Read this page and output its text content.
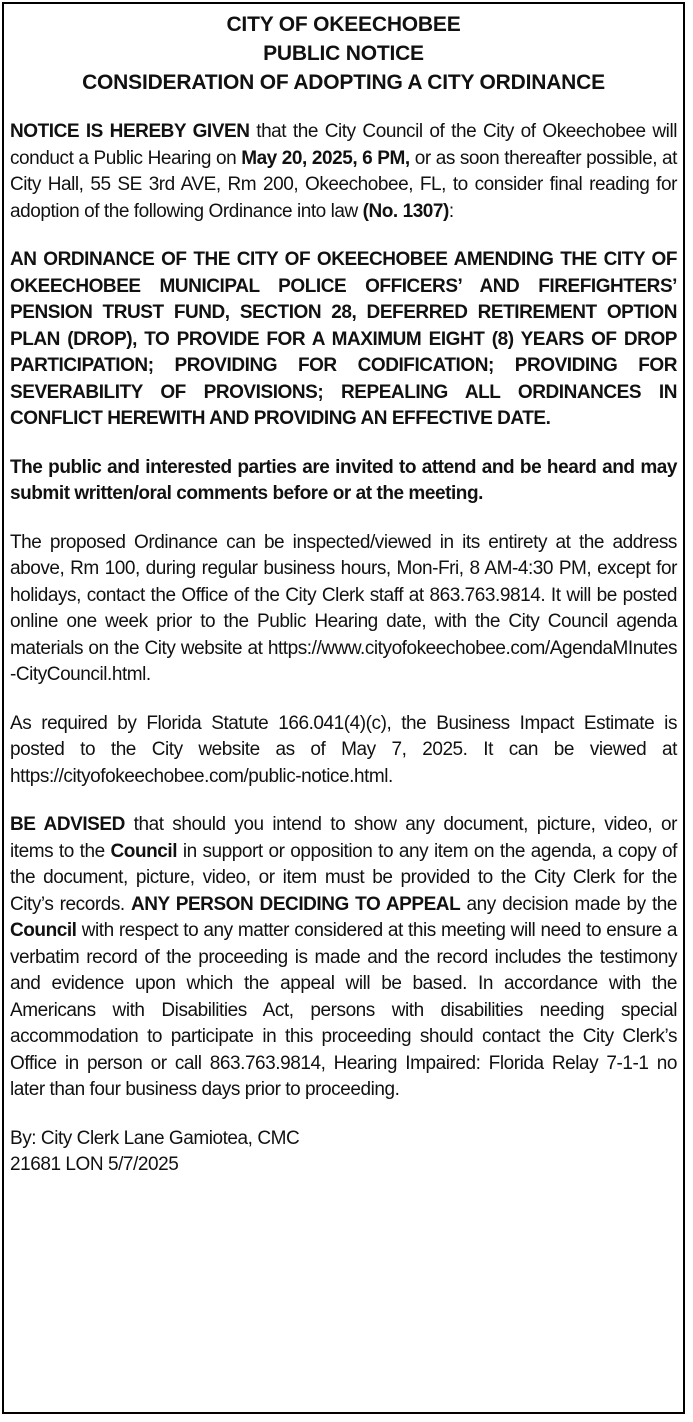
CITY OF OKEECHOBEE
PUBLIC NOTICE
CONSIDERATION OF ADOPTING A CITY ORDINANCE

NOTICE IS HEREBY GIVEN that the City Council of the City of Okeechobee will conduct a Public Hearing on May 20, 2025, 6 PM, or as soon thereafter possible, at City Hall, 55 SE 3rd AVE, Rm 200, Okeechobee, FL, to consider final reading for adoption of the following Ordinance into law (No. 1307):

AN ORDINANCE OF THE CITY OF OKEECHOBEE AMENDING THE CITY OF OKEECHOBEE MUNICIPAL POLICE OFFICERS’ AND FIREFIGHTERS’ PENSION TRUST FUND, SECTION 28, DEFERRED RETIREMENT OPTION PLAN (DROP), TO PROVIDE FOR A MAXIMUM EIGHT (8) YEARS OF DROP PARTICIPATION; PROVIDING FOR CODIFICATION; PROVIDING FOR SEVERABILITY OF PROVISIONS; REPEALING ALL ORDINANCES IN CONFLICT HEREWITH AND PROVIDING AN EFFECTIVE DATE.

The public and interested parties are invited to attend and be heard and may submit written/oral comments before or at the meeting.

The proposed Ordinance can be inspected/viewed in its entirety at the address above, Rm 100, during regular business hours, Mon-Fri, 8 AM-4:30 PM, except for holidays, contact the Office of the City Clerk staff at 863.763.9814. It will be posted online one week prior to the Public Hearing date, with the City Council agenda materials on the City website at https://www.cityofokeechobee.com/AgendaMInutes-CityCouncil.html.

As required by Florida Statute 166.041(4)(c), the Business Impact Estimate is posted to the City website as of May 7, 2025. It can be viewed at https://cityofokeechobee.com/public-notice.html.

BE ADVISED that should you intend to show any document, picture, video, or items to the Council in support or opposition to any item on the agenda, a copy of the document, picture, video, or item must be provided to the City Clerk for the City’s records. ANY PERSON DECIDING TO APPEAL any decision made by the Council with respect to any matter considered at this meeting will need to ensure a verbatim record of the proceeding is made and the record includes the testimony and evidence upon which the appeal will be based. In accordance with the Americans with Disabilities Act, persons with disabilities needing special accommodation to participate in this proceeding should contact the City Clerk’s Office in person or call 863.763.9814, Hearing Impaired: Florida Relay 7-1-1 no later than four business days prior to proceeding.

By: City Clerk Lane Gamiotea, CMC
21681 LON 5/7/2025
